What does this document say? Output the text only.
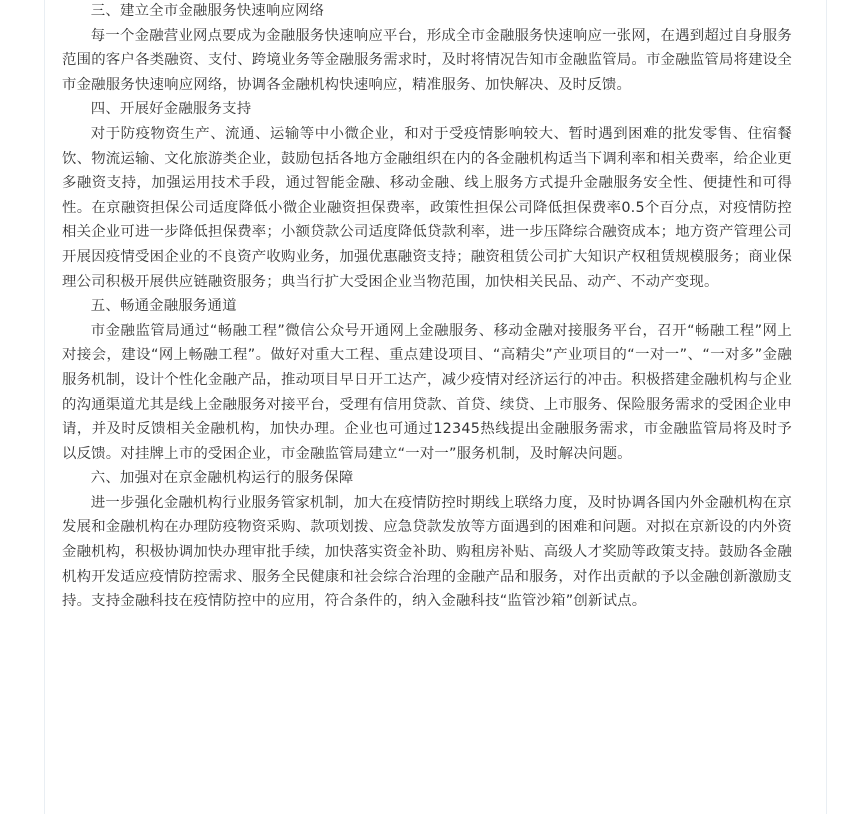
三、建立全市金融服务快速响应网络

每一个金融营业网点要成为金融服务快速响应平台，形成全市金融服务快速响应一张网，在遇到超过自身服务范围的客户各类融资、支付、跨境业务等金融服务需求时，及时将情况告知市金融监管局。市金融监管局将建设全市金融服务快速响应网络，协调各金融机构快速响应，精准服务、加快解决、及时反馈。

四、开展好金融服务支持

对于防疫物资生产、流通、运输等中小微企业，和对于受疫情影响较大、暂时遇到困难的批发零售、住宿餐饮、物流运输、文化旅游类企业，鼓励包括各地方金融组织在内的各金融机构适当下调利率和相关费率，给企业更多融资支持，加强运用技术手段，通过智能金融、移动金融、线上服务方式提升金融服务安全性、便捷性和可得性。在京融资担保公司适度降低小微企业融资担保费率，政策性担保公司降低担保费率0.5个百分点，对疫情防控相关企业可进一步降低担保费率；小额贷款公司适度降低贷款利率，进一步压降综合融资成本；地方资产管理公司开展因疫情受困企业的不良资产收购业务，加强优惠融资支持；融资租赁公司扩大知识产权租赁规模服务；商业保理公司积极开展供应链融资服务；典当行扩大受困企业当物范围，加快相关民品、动产、不动产变现。

五、畅通金融服务通道

市金融监管局通过“畅融工程”微信公众号开通网上金融服务、移动金融对接服务平台，召开“畅融工程”网上对接会，建设“网上畅融工程”。做好对重大工程、重点建设项目、“高精尖”产业项目的“一对一”、“一对多”金融服务机制，设计个性化金融产品，推动项目早日开工达产，减少疫情对经济运行的冲击。积极搭建金融机构与企业的沟通渠道尤其是线上金融服务对接平台，受理有信用贷款、首贷、续贷、上市服务、保险服务需求的受困企业申请，并及时反馈相关金融机构，加快办理。企业也可通过12345热线提出金融服务需求，市金融监管局将及时予以反馈。对挂牌上市的受困企业，市金融监管局建立“一对一”服务机制，及时解决问题。

六、加强对在京金融机构运行的服务保障

进一步强化金融机构行业服务管家机制，加大在疫情防控时期线上联络力度，及时协调各国内外金融机构在京发展和金融机构在办理防疫物资采购、款项划拨、应急贷款发放等方面遇到的困难和问题。对拟在京新设的内外资金融机构，积极协调加快办理审批手续，加快落实资金补助、购租房补贴、高级人才奖励等政策支持。鼓励各金融机构开发适应疫情防控需求、服务全民健康和社会综合治理的金融产品和服务，对作出贡献的予以金融创新激励支持。支持金融科技在疫情防控中的应用，符合条件的，纳入金融科技“监管沙箱”创新试点。
